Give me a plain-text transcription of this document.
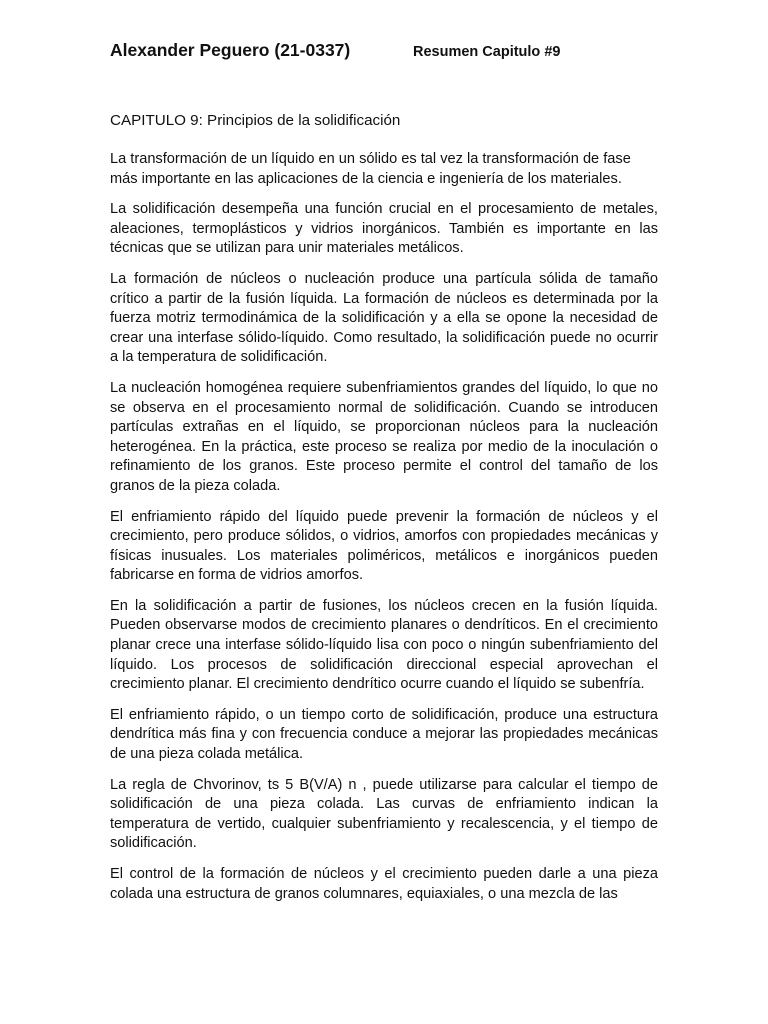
Alexander Peguero (21-0337)	Resumen Capitulo #9
CAPITULO 9: Principios de la solidificación

La transformación de un líquido en un sólido es tal vez la transformación de fase más importante en las aplicaciones de la ciencia e ingeniería de los materiales.

La solidificación desempeña una función crucial en el procesamiento de metales, aleaciones, termoplásticos y vidrios inorgánicos. También es importante en las técnicas que se utilizan para unir materiales metálicos.

La formación de núcleos o nucleación produce una partícula sólida de tamaño crítico a partir de la fusión líquida. La formación de núcleos es determinada por la fuerza motriz termodinámica de la solidificación y a ella se opone la necesidad de crear una interfase sólido-líquido. Como resultado, la solidificación puede no ocurrir a la temperatura de solidificación.

La nucleación homogénea requiere subenfriamientos grandes del líquido, lo que no se observa en el procesamiento normal de solidificación. Cuando se introducen partículas extrañas en el líquido, se proporcionan núcleos para la nucleación heterogénea. En la práctica, este proceso se realiza por medio de la inoculación o refinamiento de los granos. Este proceso permite el control del tamaño de los granos de la pieza colada.

El enfriamiento rápido del líquido puede prevenir la formación de núcleos y el crecimiento, pero produce sólidos, o vidrios, amorfos con propiedades mecánicas y físicas inusuales. Los materiales poliméricos, metálicos e inorgánicos pueden fabricarse en forma de vidrios amorfos.

En la solidificación a partir de fusiones, los núcleos crecen en la fusión líquida. Pueden observarse modos de crecimiento planares o dendríticos. En el crecimiento planar crece una interfase sólido-líquido lisa con poco o ningún subenfriamiento del líquido. Los procesos de solidificación direccional especial aprovechan el crecimiento planar. El crecimiento dendrítico ocurre cuando el líquido se subenfría.

El enfriamiento rápido, o un tiempo corto de solidificación, produce una estructura dendrítica más fina y con frecuencia conduce a mejorar las propiedades mecánicas de una pieza colada metálica.

La regla de Chvorinov, ts 5 B(V/A) n , puede utilizarse para calcular el tiempo de solidificación de una pieza colada. Las curvas de enfriamiento indican la temperatura de vertido, cualquier subenfriamiento y recalescencia, y el tiempo de solidificación.

El control de la formación de núcleos y el crecimiento pueden darle a una pieza colada una estructura de granos columnares, equiaxiales, o una mezcla de las
